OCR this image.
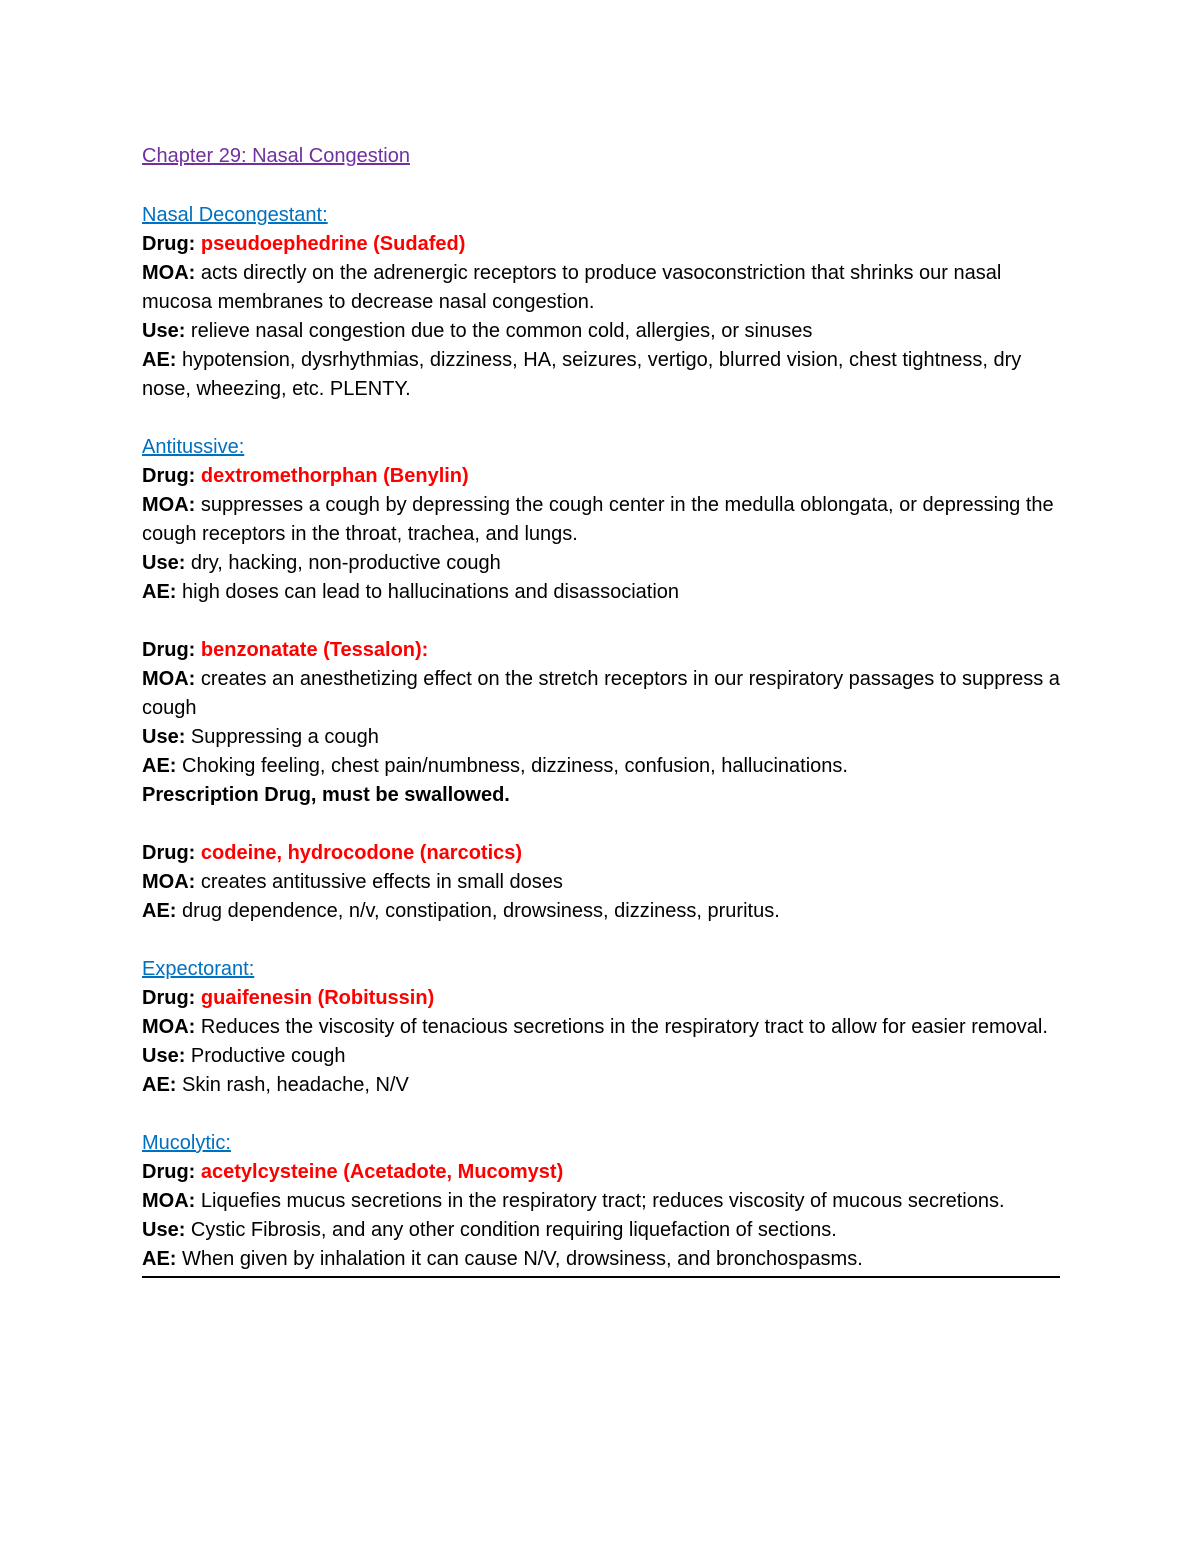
Chapter 29: Nasal Congestion

Nasal Decongestant:

Drug: pseudoephedrine (Sudafed)

MOA: acts directly on the adrenergic receptors to produce vasoconstriction that shrinks our nasal mucosa membranes to decrease nasal congestion.

Use: relieve nasal congestion due to the common cold, allergies, or sinuses

AE: hypotension, dysrhythmias, dizziness, HA, seizures, vertigo, blurred vision, chest tightness, dry nose, wheezing, etc. PLENTY.

Antitussive:

Drug: dextromethorphan (Benylin)

MOA: suppresses a cough by depressing the cough center in the medulla oblongata, or depressing the cough receptors in the throat, trachea, and lungs.

Use: dry, hacking, non-productive cough

AE: high doses can lead to hallucinations and disassociation

Drug: benzonatate (Tessalon):

MOA: creates an anesthetizing effect on the stretch receptors in our respiratory passages to suppress a cough

Use: Suppressing a cough

AE: Choking feeling, chest pain/numbness, dizziness, confusion, hallucinations.

Prescription Drug, must be swallowed.

Drug: codeine, hydrocodone (narcotics)

MOA: creates antitussive effects in small doses

AE: drug dependence, n/v, constipation, drowsiness, dizziness, pruritus.

Expectorant:

Drug: guaifenesin (Robitussin)

MOA: Reduces the viscosity of tenacious secretions in the respiratory tract to allow for easier removal.

Use: Productive cough

AE: Skin rash, headache, N/V

Mucolytic:

Drug: acetylcysteine (Acetadote, Mucomyst)

MOA: Liquefies mucus secretions in the respiratory tract; reduces viscosity of mucous secretions.

Use: Cystic Fibrosis, and any other condition requiring liquefaction of sections.

AE: When given by inhalation it can cause N/V, drowsiness, and bronchospasms.
